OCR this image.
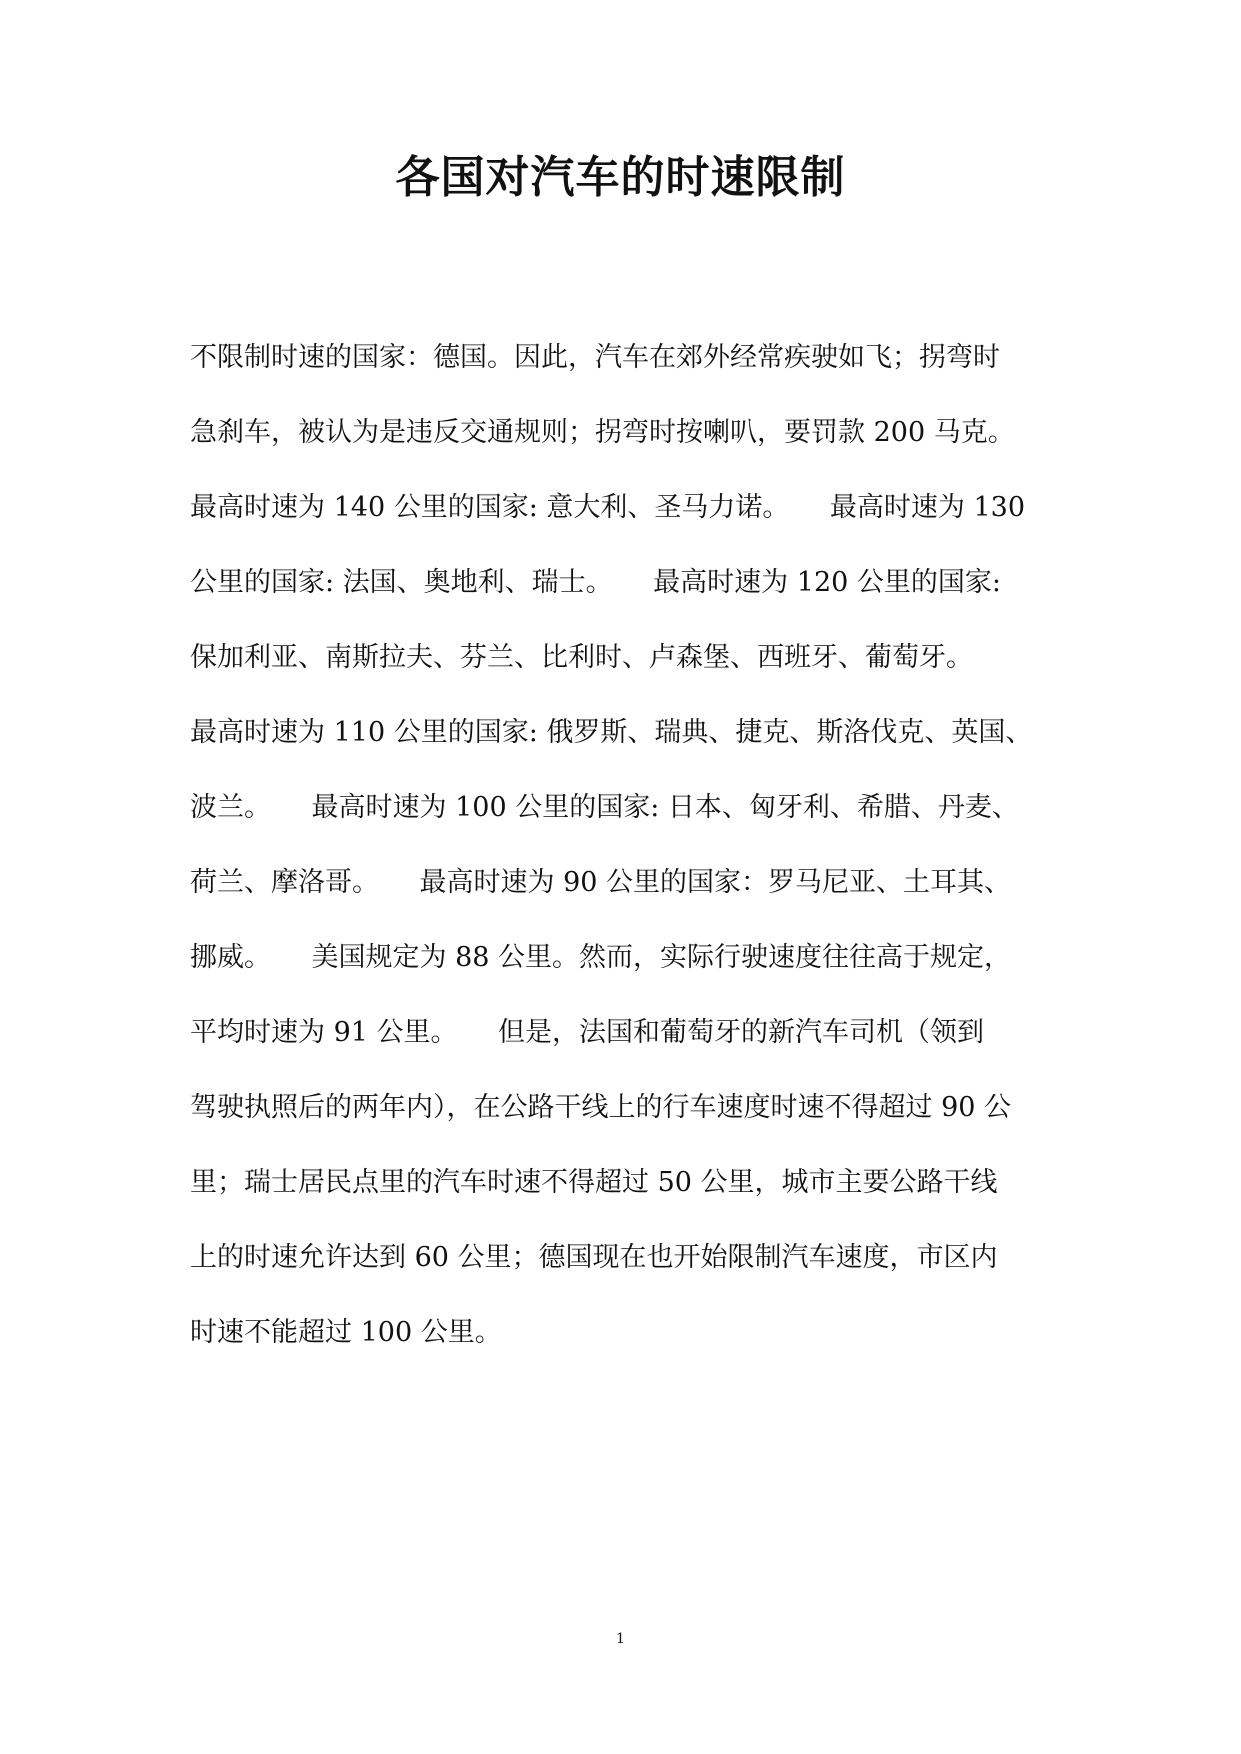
各国对汽车的时速限制
不限制时速的国家：德国。因此，汽车在郊外经常疾驶如飞；拐弯时
急刹车，被认为是违反交通规则；拐弯时按喇叭，要罚款 200 马克。
最高时速为 140 公里的国家: 意大利、圣马力诺。　　最高时速为 130
公里的国家: 法国、奥地利、瑞士。　　最高时速为 120 公里的国家:
保加利亚、南斯拉夫、芬兰、比利时、卢森堡、西班牙、葡萄牙。
最高时速为 110 公里的国家: 俄罗斯、瑞典、捷克、斯洛伐克、英国、
波兰。　　最高时速为 100 公里的国家: 日本、匈牙利、希腊、丹麦、
荷兰、摩洛哥。　　最高时速为 90 公里的国家：罗马尼亚、土耳其、
挪威。　　美国规定为 88 公里。然而，实际行驶速度往往高于规定，
平均时速为 91 公里。　　但是，法国和葡萄牙的新汽车司机（领到
驾驶执照后的两年内），在公路干线上的行车速度时速不得超过 90 公
里；瑞士居民点里的汽车时速不得超过 50 公里，城市主要公路干线
上的时速允许达到 60 公里；德国现在也开始限制汽车速度，市区内
时速不能超过 100 公里。
1
